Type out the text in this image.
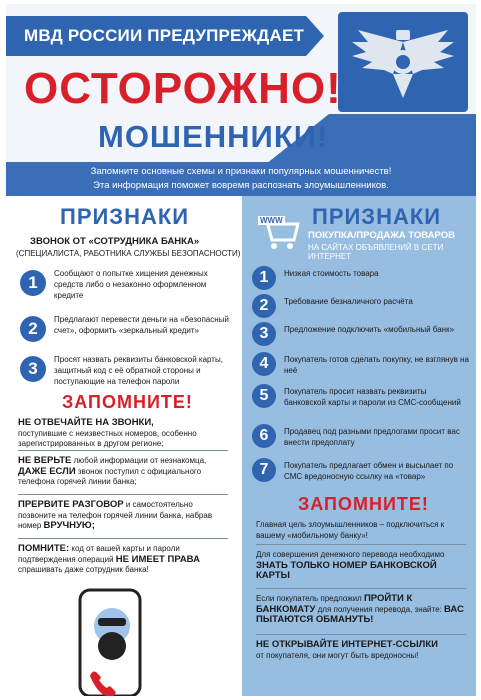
МВД РОССИИ ПРЕДУПРЕЖДАЕТ
ОСТОРОЖНО!
МОШЕННИКИ!
Запомните основные схемы и признаки популярных мошенничеств!
Эта информация поможет вовремя распознать злоумышленников.
ПРИЗНАКИ
ЗВОНОК ОТ «СОТРУДНИКА БАНКА»
(СПЕЦИАЛИСТА, РАБОТНИКА СЛУЖБЫ БЕЗОПАСНОСТИ)
1	Сообщают о попытке хищения денежных средств либо о незаконно оформленном кредите
2	Предлагают перевести деньги на «безопасный счет», оформить «зеркальный кредит»
3	Просят назвать реквизиты банковской карты, защитный код с её обратной стороны и поступающие на телефон пароли
ЗАПОМНИТЕ!
НЕ ОТВЕЧАЙТЕ НА ЗВОНКИ,
поступившие с неизвестных номеров, особенно зарегистрированных в другом регионе;
НЕ ВЕРЬТЕ любой информации от незнакомца, ДАЖЕ ЕСЛИ звонок поступил с официального телефона горячей линии банка;
ПРЕРВИТЕ РАЗГОВОР и самостоятельно позвоните на телефон горячей линии банка, набрав номер ВРУЧНУЮ;
ПОМНИТЕ: код от вашей карты и пароли подтверждения операций НЕ ИМЕЕТ ПРАВА спрашивать даже сотрудник банка!
WWW ПРИЗНАКИ
ПОКУПКА/ПРОДАЖА ТОВАРОВ
НА САЙТАХ ОБЪЯВЛЕНИЙ В СЕТИ ИНТЕРНЕТ
1	Низкая стоимость товара
2	Требование безналичного расчёта
3	Предложение подключить «мобильный банк»
4	Покупатель готов сделать покупку, не взглянув на неё
5	Покупатель просит назвать реквизиты банковской карты и пароли из СМС-сообщений
6	Продавец под разными предлогами просит вас внести предоплату
7	Покупатель предлагает обмен и высылает по СМС вредоносную ссылку на «товар»
ЗАПОМНИТЕ!
Главная цель злоумышленников – подключиться к вашему «мобильному банку»!
Для совершения денежного перевода необходимо
ЗНАТЬ ТОЛЬКО НОМЕР БАНКОВСКОЙ КАРТЫ
Если покупатель предложил ПРОЙТИ К БАНКОМАТУ для получения перевода, знайте: ВАС ПЫТАЮТСЯ ОБМАНУТЬ!
НЕ ОТКРЫВАЙТЕ ИНТЕРНЕТ-ССЫЛКИ
от покупателя, они могут быть вредоносны!
